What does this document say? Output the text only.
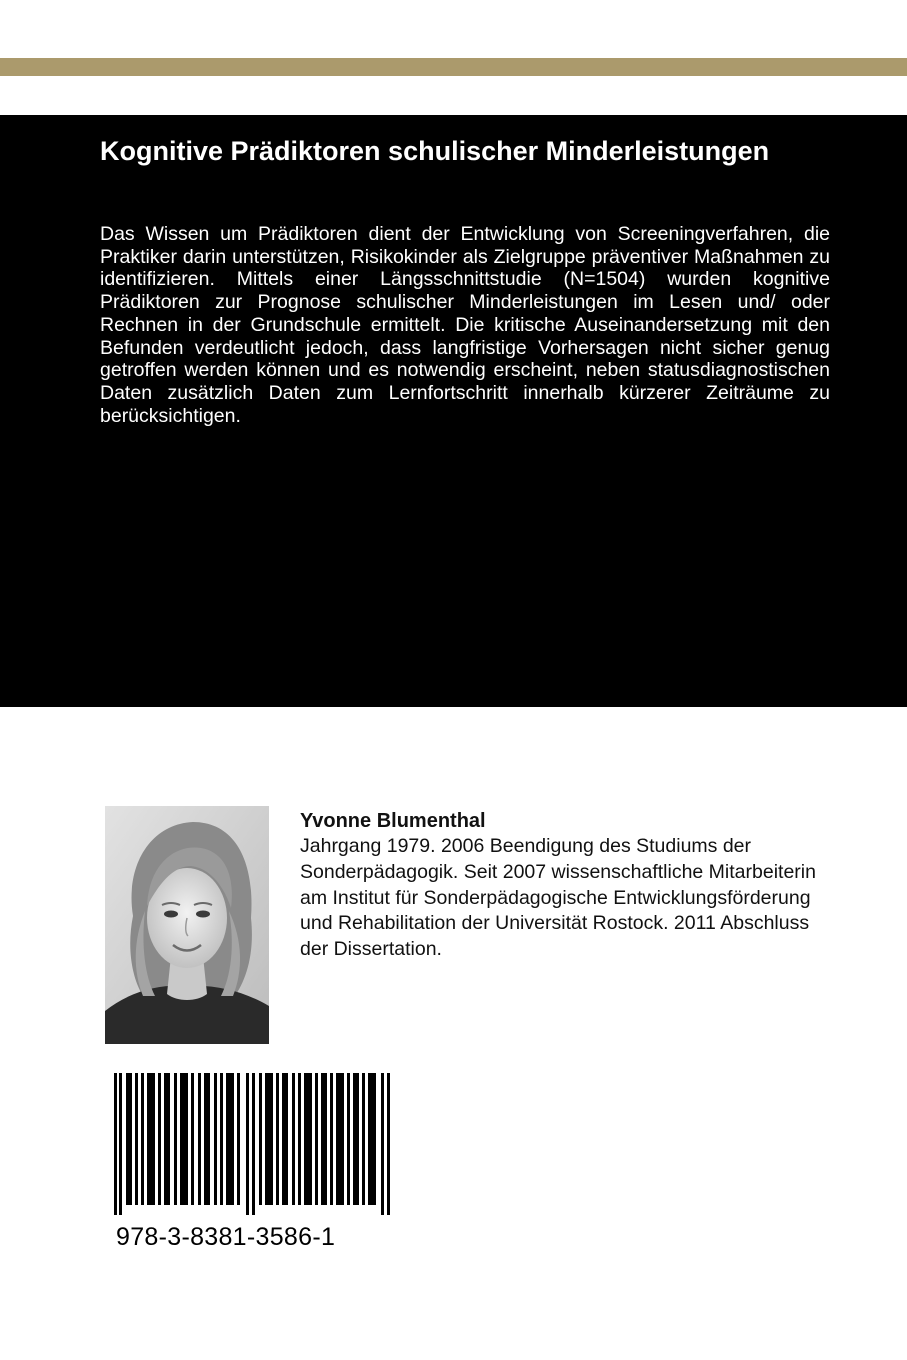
Kognitive Prädiktoren schulischer Minderleistungen

Das Wissen um Prädiktoren dient der Entwicklung von Screeningverfahren, die Praktiker darin unterstützen, Risikokinder als Zielgruppe präventiver Maßnahmen zu identifizieren. Mittels einer Längsschnittstudie (N=1504) wurden kognitive Prädiktoren zur Prognose schulischer Minderleistungen im Lesen und/ oder Rechnen in der Grundschule ermittelt. Die kritische Auseinandersetzung mit den Befunden verdeutlicht jedoch, dass langfristige Vorhersagen nicht sicher genug getroffen werden können und es notwendig erscheint, neben statusdiagnostischen Daten zusätzlich Daten zum Lernfortschritt innerhalb kürzerer Zeiträume zu berücksichtigen.

Yvonne Blumenthal

Jahrgang 1979. 2006 Beendigung des Studiums der Sonderpädagogik. Seit 2007 wissenschaftliche Mitarbeiterin am Institut für Sonderpädagogische Entwicklungsförderung und Rehabilitation der Universität Rostock. 2011 Abschluss der Dissertation.

978-3-8381-3586-1
